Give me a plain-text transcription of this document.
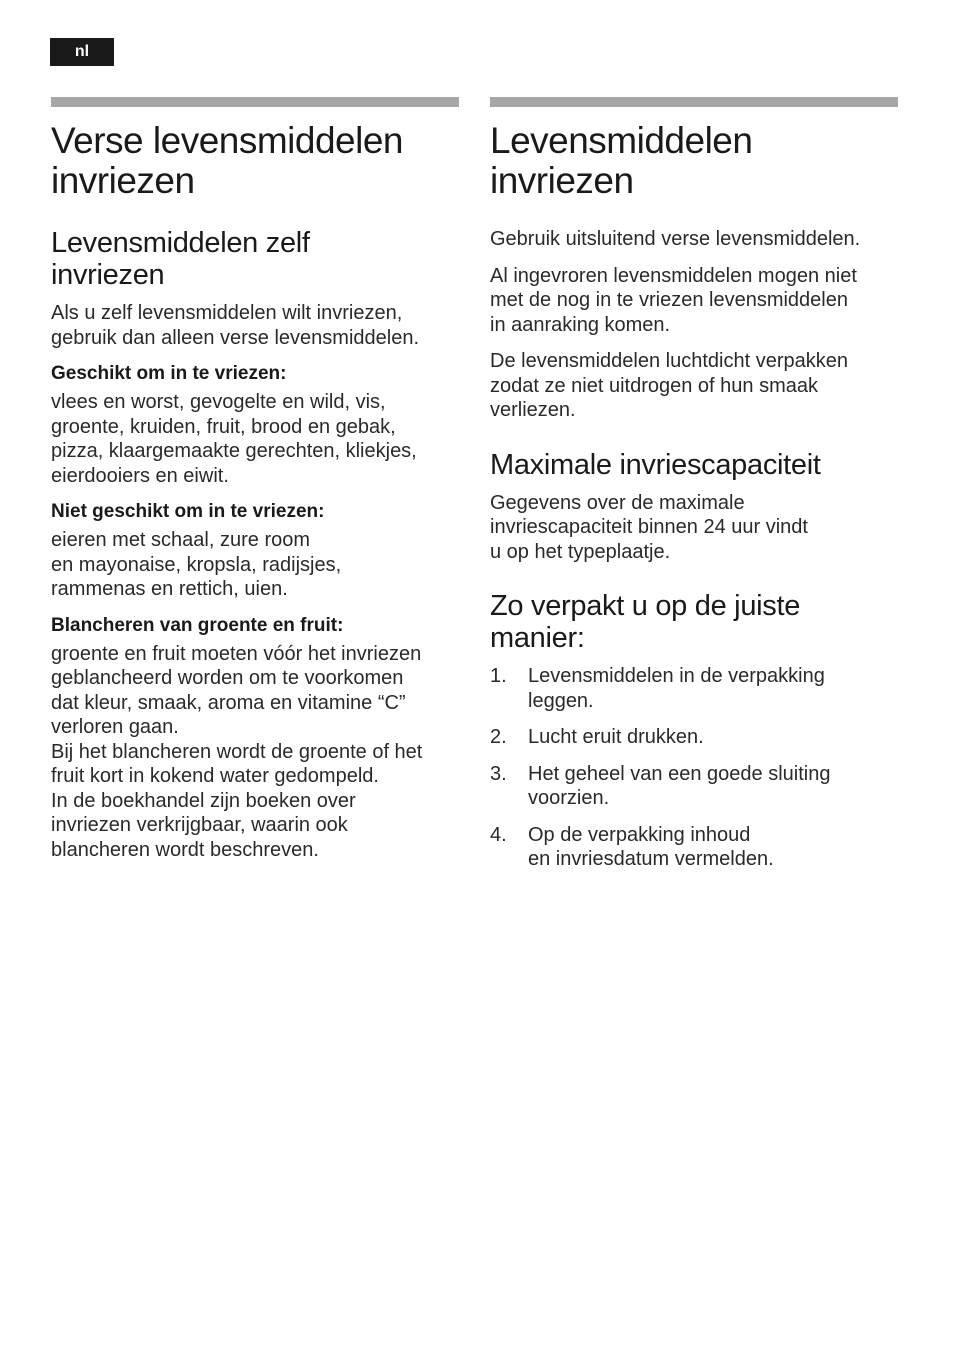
nl
Verse levensmiddelen
invriezen
Levensmiddelen zelf
invriezen

Als u zelf levensmiddelen wilt invriezen,
gebruik dan alleen verse levensmiddelen.

Geschikt om in te vriezen:

vlees en worst, gevogelte en wild, vis,
groente, kruiden, fruit, brood en gebak,
pizza, klaargemaakte gerechten, kliekjes,
eierdooiers en eiwit.

Niet geschikt om in te vriezen:

eieren met schaal, zure room
en mayonaise, kropsla, radijsjes,
rammenas en rettich, uien.

Blancheren van groente en fruit:

groente en fruit moeten vóór het invriezen
geblancheerd worden om te voorkomen
dat kleur, smaak, aroma en vitamine “C”
verloren gaan.
Bij het blancheren wordt de groente of het
fruit kort in kokend water gedompeld.
In de boekhandel zijn boeken over
invriezen verkrijgbaar, waarin ook
blancheren wordt beschreven.

Levensmiddelen
invriezen

Gebruik uitsluitend verse levensmiddelen.

Al ingevroren levensmiddelen mogen niet
met de nog in te vriezen levensmiddelen
in aanraking komen.

De levensmiddelen luchtdicht verpakken
zodat ze niet uitdrogen of hun smaak
verliezen.

Maximale invriescapaciteit

Gegevens over de maximale
invriescapaciteit binnen 24 uur vindt
u op het typeplaatje.

Zo verpakt u op de juiste
manier:
1. Levensmiddelen in de verpakking
leggen.
2. Lucht eruit drukken.
3. Het geheel van een goede sluiting
voorzien.
4. Op de verpakking inhoud
en invriesdatum vermelden.
